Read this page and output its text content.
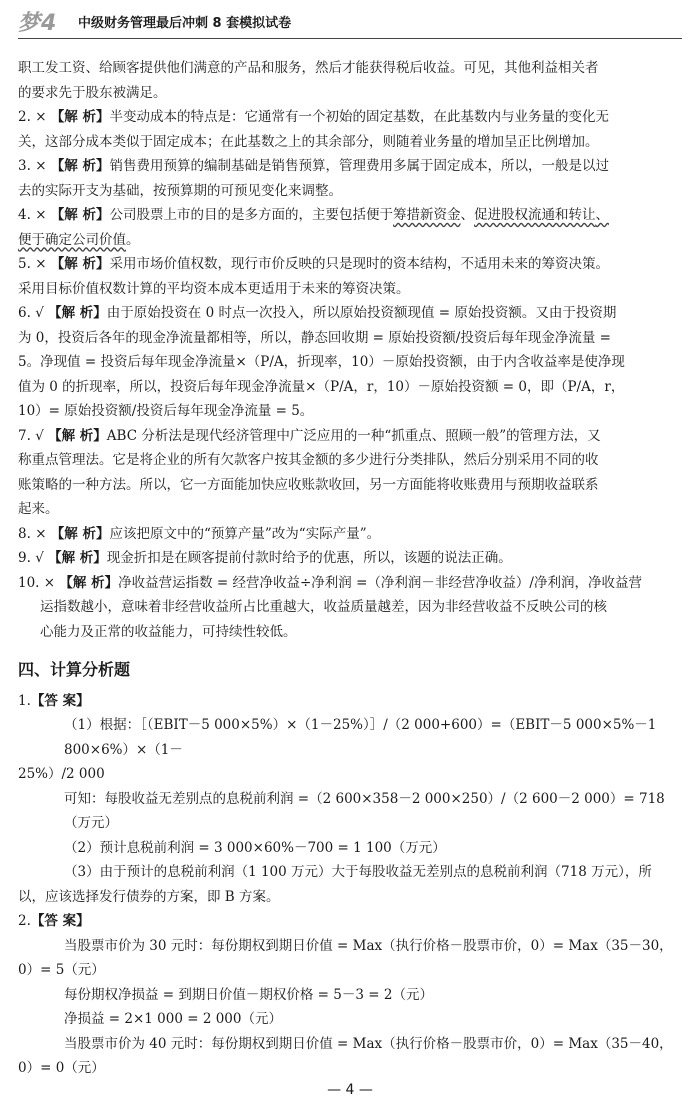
梦4 中级财务管理最后冲刺 8 套模拟试卷

职工发工资、给顾客提供他们满意的产品和服务，然后才能获得税后收益。可见，其他利益相关者

的要求先于股东被满足。

2. × 【解 析】半变动成本的特点是：它通常有一个初始的固定基数，在此基数内与业务量的变化无

关，这部分成本类似于固定成本；在此基数之上的其余部分，则随着业务量的增加呈正比例增加。

3. × 【解 析】销售费用预算的编制基础是销售预算，管理费用多属于固定成本，所以，一般是以过

去的实际开支为基础，按预算期的可预见变化来调整。

4. × 【解 析】公司股票上市的目的是多方面的，主要包括便于筹措新资金、促进股权流通和转让、

便于确定公司价值。

5. × 【解 析】采用市场价值权数，现行市价反映的只是现时的资本结构，不适用未来的筹资决策。

采用目标价值权数计算的平均资本成本更适用于未来的筹资决策。

6. √ 【解 析】由于原始投资在 0 时点一次投入，所以原始投资额现值 = 原始投资额。又由于投资期

为 0，投资后各年的现金净流量都相等，所以，静态回收期 = 原始投资额/投资后每年现金净流量 =

5。净现值 = 投资后每年现金净流量×（P/A，折现率，10）－原始投资额，由于内含收益率是使净现

值为 0 的折现率，所以，投资后每年现金净流量×（P/A，r，10）－原始投资额 = 0，即（P/A，r，

10）= 原始投资额/投资后每年现金净流量 = 5。

7. √ 【解 析】ABC 分析法是现代经济管理中广泛应用的一种“抓重点、照顾一般”的管理方法，又

称重点管理法。它是将企业的所有欠款客户按其金额的多少进行分类排队，然后分别采用不同的收

账策略的一种方法。所以，它一方面能加快应收账款收回，另一方面能将收账费用与预期收益联系

起来。

8. × 【解 析】应该把原文中的“预算产量”改为“实际产量”。

9. √ 【解 析】现金折扣是在顾客提前付款时给予的优惠，所以，该题的说法正确。

10. × 【解 析】净收益营运指数 = 经营净收益÷净利润 =（净利润－非经营净收益）/净利润，净收益营

运指数越小，意味着非经营收益所占比重越大，收益质量越差，因为非经营收益不反映公司的核

心能力及正常的收益能力，可持续性较低。

四、计算分析题

1.【答 案】

（1）根据：［（EBIT－5 000×5%）×（1－25%）］/（2 000+600）=（EBIT－5 000×5%－1 800×6%）×（1－

25%）/2 000

可知：每股收益无差别点的息税前利润 =（2 600×358－2 000×250）/（2 600－2 000）= 718（万元）

（2）预计息税前利润 = 3 000×60%－700 = 1 100（万元）

（3）由于预计的息税前利润（1 100 万元）大于每股收益无差别点的息税前利润（718 万元），所

以，应该选择发行债券的方案，即 B 方案。

2.【答 案】

当股票市价为 30 元时：每份期权到期日价值 = Max（执行价格－股票市价，0）= Max（35－30，

0）= 5（元）

每份期权净损益 = 到期日价值－期权价格 = 5－3 = 2（元）

净损益 = 2×1 000 = 2 000（元）

当股票市价为 40 元时：每份期权到期日价值 = Max（执行价格－股票市价，0）= Max（35－40，

0）= 0（元）

— 4 —
